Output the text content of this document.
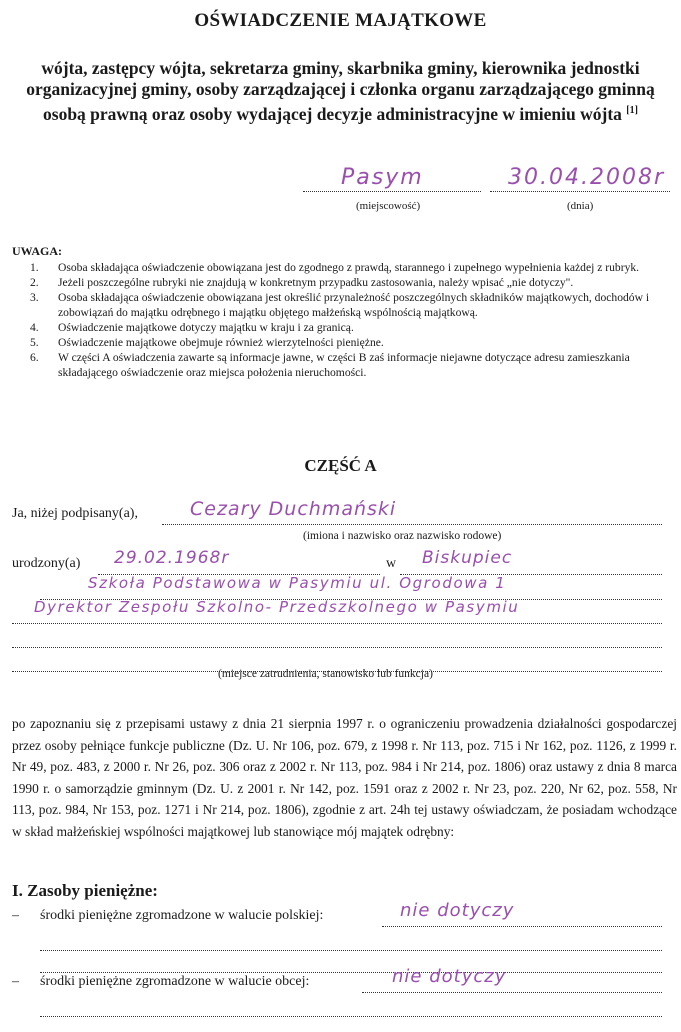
OŚWIADCZENIE MAJĄTKOWE
wójta, zastępcy wójta, sekretarza gminy, skarbnika gminy, kierownika jednostki organizacyjnej gminy, osoby zarządzającej i członka organu zarządzającego gminną osobą prawną oraz osoby wydającej decyzje administracyjne w imieniu wójta [1]
Pasym	30.04.2008r
(miejscowość)	(dnia)
UWAGA:
1.	Osoba składająca oświadczenie obowiązana jest do zgodnego z prawdą, starannego i zupełnego wypełnienia każdej z rubryk.
2.	Jeżeli poszczególne rubryki nie znajdują w konkretnym przypadku zastosowania, należy wpisać „nie dotyczy".
3.	Osoba składająca oświadczenie obowiązana jest określić przynależność poszczególnych składników majątkowych, dochodów i zobowiązań do majątku odrębnego i majątku objętego małżeńską wspólnością majątkową.
4.	Oświadczenie majątkowe dotyczy majątku w kraju i za granicą.
5.	Oświadczenie majątkowe obejmuje również wierzytelności pieniężne.
6.	W części A oświadczenia zawarte są informacje jawne, w części B zaś informacje niejawne dotyczące adresu zamieszkania składającego oświadczenie oraz miejsca położenia nieruchomości.
CZĘŚĆ A
Ja, niżej podpisany(a),	Cezary Duchmański
(imiona i nazwisko oraz nazwisko rodowe)
urodzony(a) 29.02.1968r	w Biskupiec
Szkoła Podstawowa w Pasymiu ul. Ogrodowa 1
Dyrektor Zespołu Szkolno- Przedszkolnego w Pasymiu
(miejsce zatrudnienia, stanowisko lub funkcja)
po zapoznaniu się z przepisami ustawy z dnia 21 sierpnia 1997 r. o ograniczeniu prowadzenia działalności gospodarczej przez osoby pełniące funkcje publiczne (Dz. U. Nr 106, poz. 679, z 1998 r. Nr 113, poz. 715 i Nr 162, poz. 1126, z 1999 r. Nr 49, poz. 483, z 2000 r. Nr 26, poz. 306 oraz z 2002 r. Nr 113, poz. 984 i Nr 214, poz. 1806) oraz ustawy z dnia 8 marca 1990 r. o samorządzie gminnym (Dz. U. z 2001 r. Nr 142, poz. 1591 oraz z 2002 r. Nr 23, poz. 220, Nr 62, poz. 558, Nr 113, poz. 984, Nr 153, poz. 1271 i Nr 214, poz. 1806), zgodnie z art. 24h tej ustawy oświadczam, że posiadam wchodzące w skład małżeńskiej wspólności majątkowej lub stanowiące mój majątek odrębny:
I. Zasoby pieniężne:
– środki pieniężne zgromadzone w walucie polskiej:	nie dotyczy
– środki pieniężne zgromadzone w walucie obcej:	nie dotyczy
